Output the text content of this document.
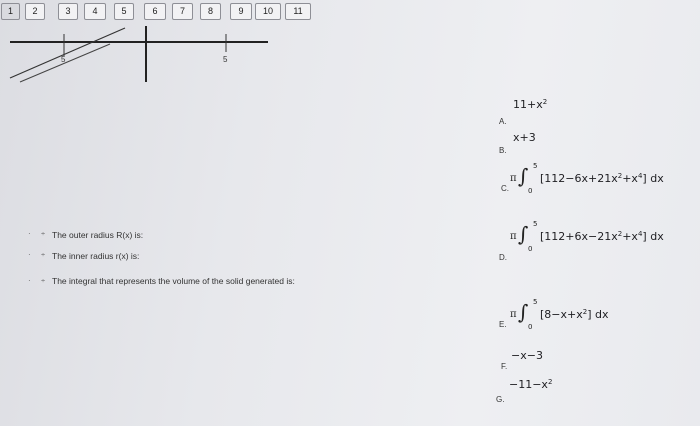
1	2	3	4	5	6	7	8	9	10	11
5	5
·	÷ The outer radius R(x) is:
·	÷ The inner radius r(x) is:
·	÷ The integral that represents the volume of the solid generated is:
A.
$11+x^2$
B.
x+3
C.
π ∫ 5
0
$[112-6x+21x^2+x^4]$ dx
D.
π ∫ 5
0
$[112+6x-21x^2+x^4]$ dx
E.
π ∫ 5
0
$[8-x+x^2]$ dx
F.
−x−3
G.
$-11-x^2$
